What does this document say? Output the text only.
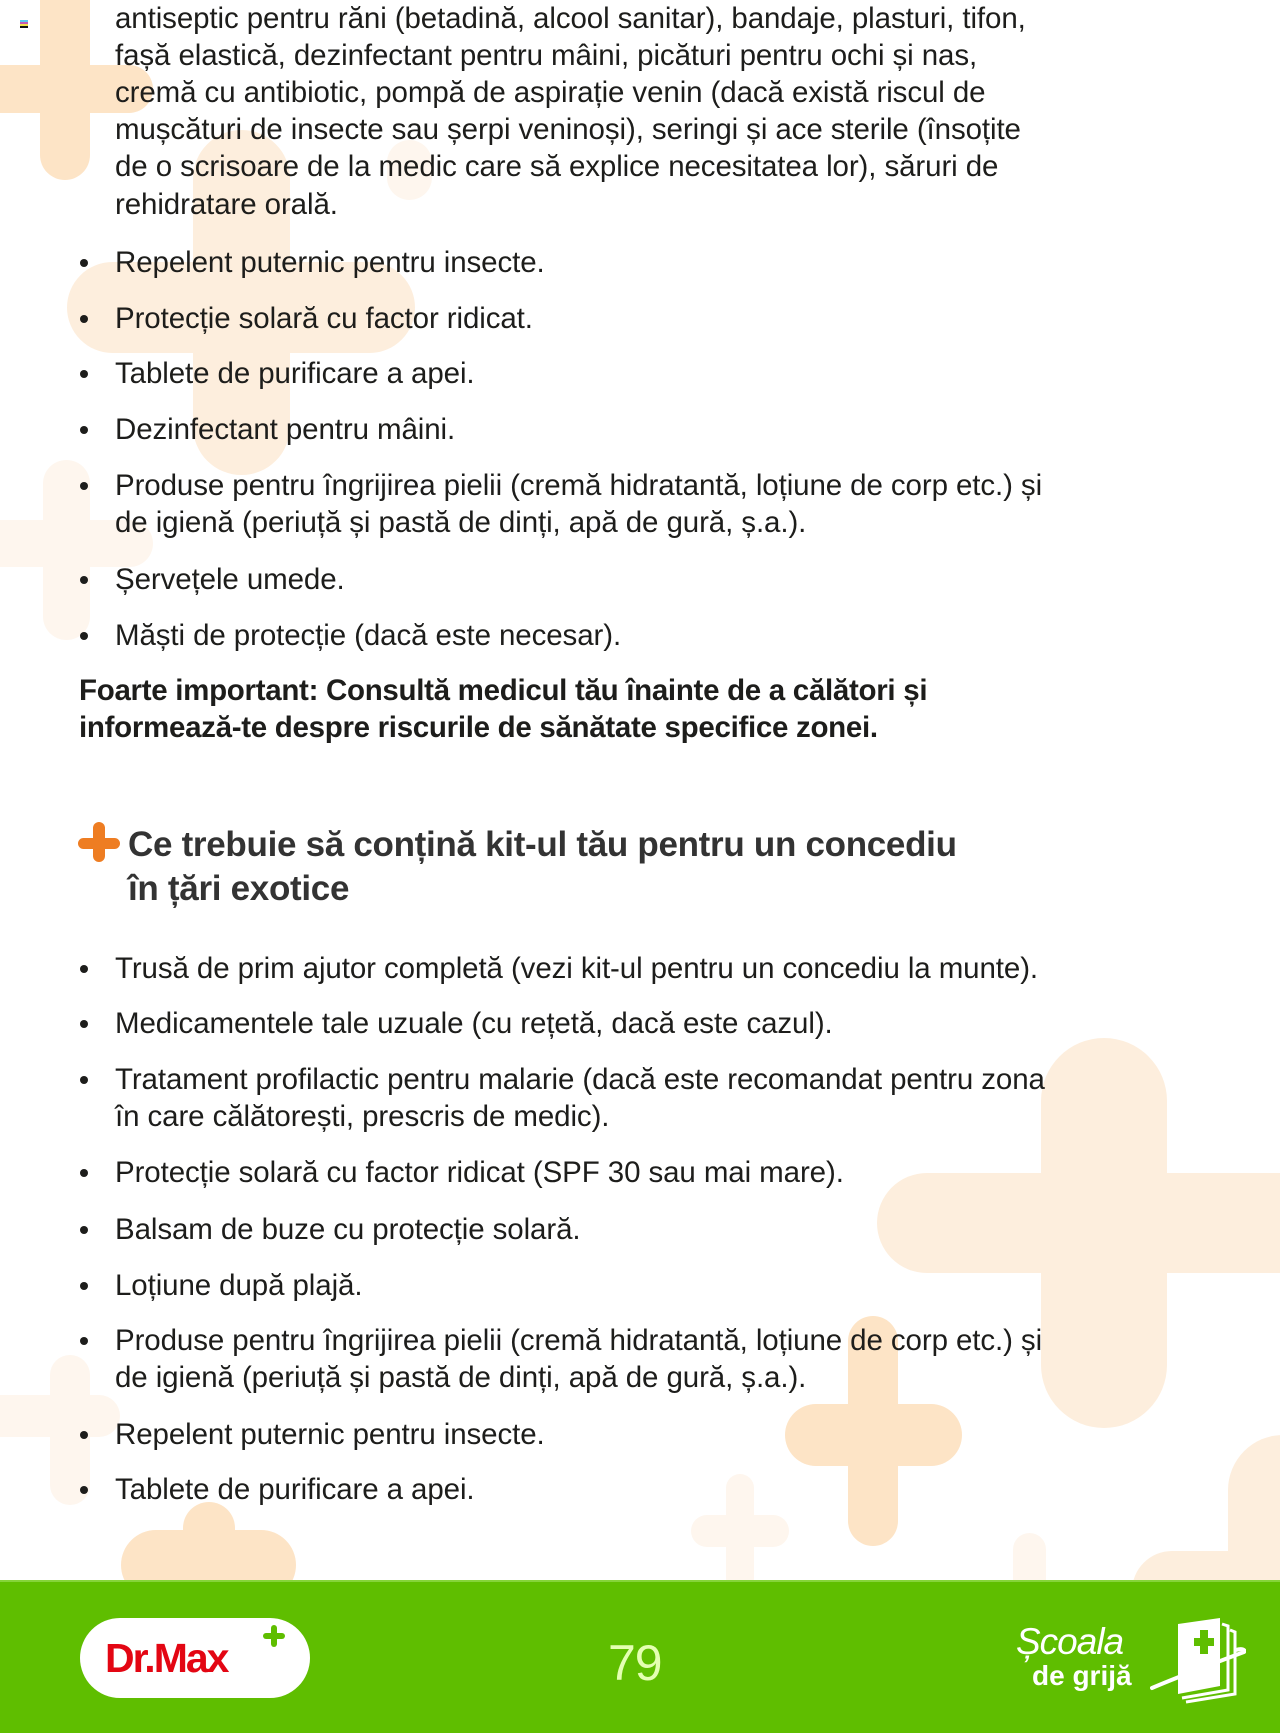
antiseptic pentru răni (betadină, alcool sanitar), bandaje, plasturi, tifon,
fașă elastică, dezinfectant pentru mâini, picături pentru ochi și nas,
cremă cu antibiotic, pompă de aspirație venin (dacă există riscul de
mușcături de insecte sau șerpi veninoși), seringi și ace sterile (însoțite
de o scrisoare de la medic care să explice necesitatea lor), săruri de
rehidratare orală.
Repelent puternic pentru insecte.
Protecție solară cu factor ridicat.
Tablete de purificare a apei.
Dezinfectant pentru mâini.
Produse pentru îngrijirea pielii (cremă hidratantă, loțiune de corp etc.) și
de igienă (periuță și pastă de dinți, apă de gură, ș.a.).
Șervețele umede.
Măști de protecție (dacă este necesar).
Foarte important: Consultă medicul tău înainte de a călători și
informează-te despre riscurile de sănătate specifice zonei.
Ce trebuie să conțină kit-ul tău pentru un concediu
în țări exotice
Trusă de prim ajutor completă (vezi kit-ul pentru un concediu la munte).
Medicamentele tale uzuale (cu rețetă, dacă este cazul).
Tratament profilactic pentru malarie (dacă este recomandat pentru zona
în care călătorești, prescris de medic).
Protecție solară cu factor ridicat (SPF 30 sau mai mare).
Balsam de buze cu protecție solară.
Loțiune după plajă.
Produse pentru îngrijirea pielii (cremă hidratantă, loțiune de corp etc.) și
de igienă (periuță și pastă de dinți, apă de gură, ș.a.).
Repelent puternic pentru insecte.
Tablete de purificare a apei.
Dr.Max	79	Școala
de grijă
